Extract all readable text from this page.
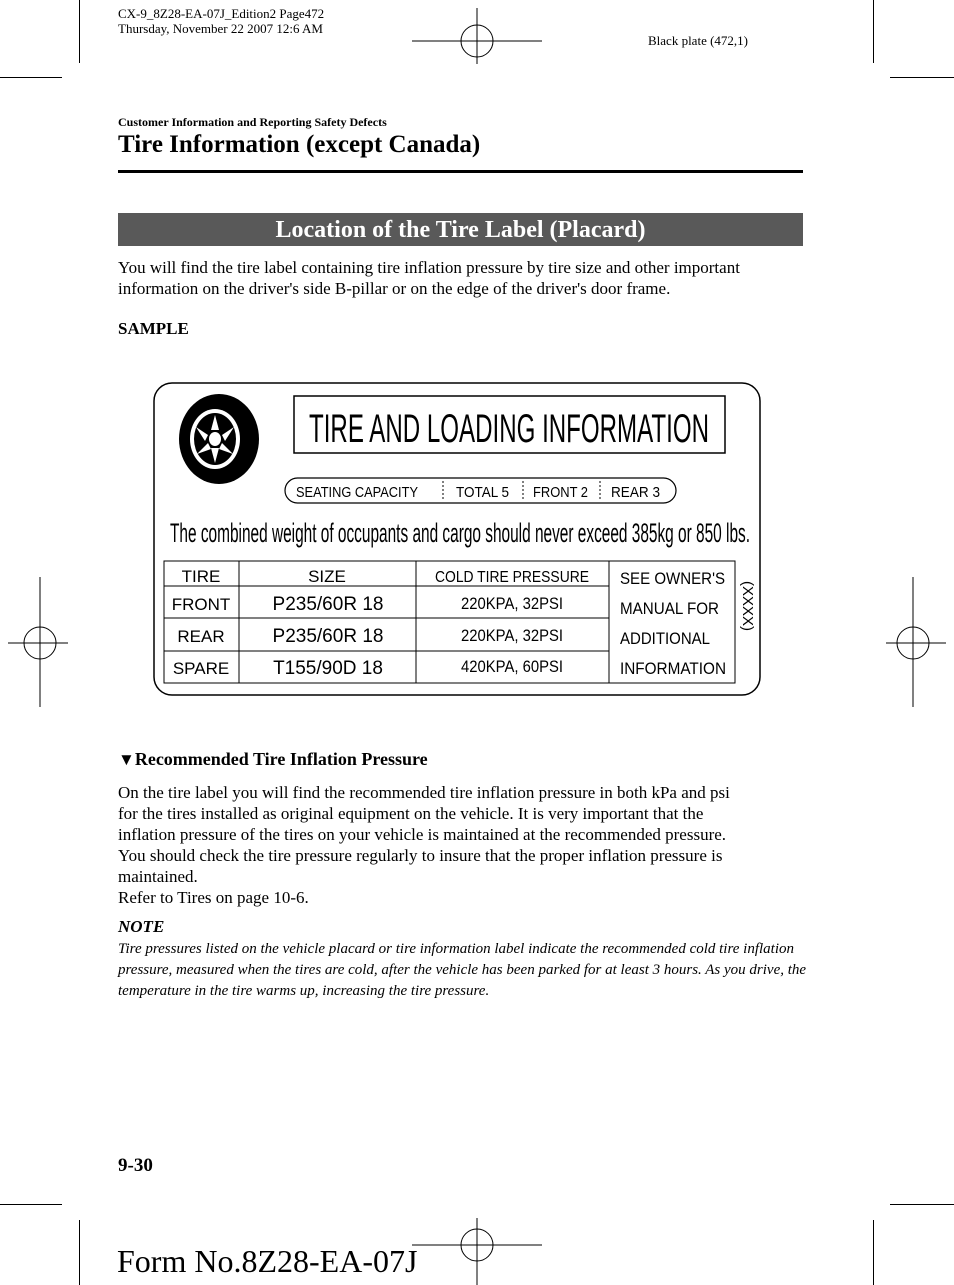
CX-9_8Z28-EA-07J_Edition2 Page472
Thursday, November 22 2007 12:6 AM
Black plate (472,1)
Customer Information and Reporting Safety Defects
Tire Information (except Canada)
Location of the Tire Label (Placard)
You will find the tire label containing tire inflation pressure by tire size and other important information on the driver's side B-pillar or on the edge of the driver's door frame.
SAMPLE
TIRE AND LOADING INFORMATION
SEATING CAPACITY	TOTAL 5 FRONT 2 REAR 3
The combined weight of occupants and cargo should never exceed 385kg or 850 lbs.
TIRE	SIZE	COLD TIRE PRESSURE
FRONT P235/60R 18	220KPA, 32PSI
REAR	P235/60R 18	220KPA, 32PSI
SPARE T155/90D 18	420KPA, 60PSI
SEE OWNER'S
MANUAL FOR
ADDITIONAL
INFORMATION
(XXXX)
▼Recommended Tire Inflation Pressure
On the tire label you will find the recommended tire inflation pressure in both kPa and psi
for the tires installed as original equipment on the vehicle. It is very important that the
inflation pressure of the tires on your vehicle is maintained at the recommended pressure.
You should check the tire pressure regularly to insure that the proper inflation pressure is
maintained.
Refer to Tires on page 10-6.
NOTE
Tire pressures listed on the vehicle placard or tire information label indicate the recommended cold tire inflation pressure, measured when the tires are cold, after the vehicle has been parked for at least 3 hours. As you drive, the temperature in the tire warms up, increasing the tire pressure.
9-30
Form No.8Z28-EA-07J
